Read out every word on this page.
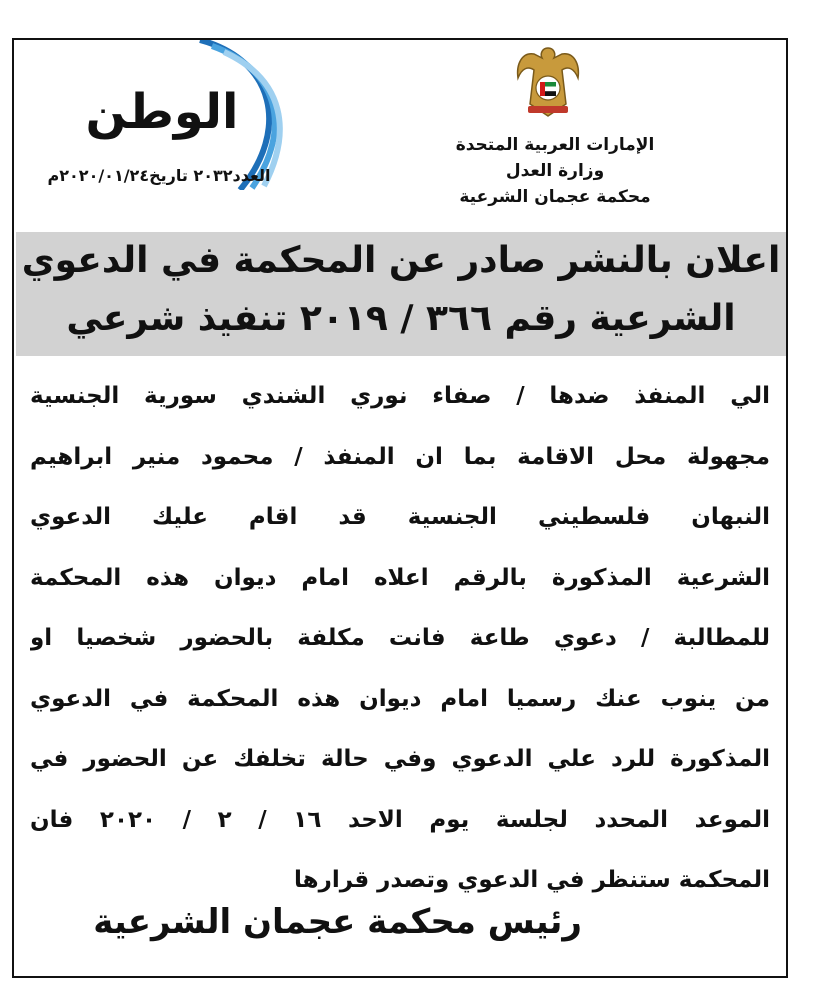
الوطن
العدد٢٠٣٢ تاريخ٢٠٢٠/٠١/٢٤م
الإمارات العربية المتحدة
وزارة العدل
محكمة عجمان الشرعية
اعلان بالنشر صادر عن المحكمة في الدعوي
الشرعية رقم ٣٦٦ / ٢٠١٩ تنفيذ شرعي
الي المنفذ ضدها / صفاء نوري الشندي سورية الجنسية
مجهولة محل الاقامة بما ان المنفذ / محمود منير ابراهيم
النبهان فلسطيني الجنسية قد اقام عليك الدعوي
الشرعية المذكورة بالرقم اعلاه امام ديوان هذه المحكمة
للمطالبة / دعوي طاعة فانت مكلفة بالحضور شخصيا او
من ينوب عنك رسميا امام ديوان هذه المحكمة في الدعوي
المذكورة للرد علي الدعوي وفي حالة تخلفك عن الحضور في
الموعد المحدد لجلسة يوم الاحد ١٦ / ٢ / ٢٠٢٠ فان
المحكمة ستنظر في الدعوي وتصدر قرارها
رئيس محكمة عجمان الشرعية
